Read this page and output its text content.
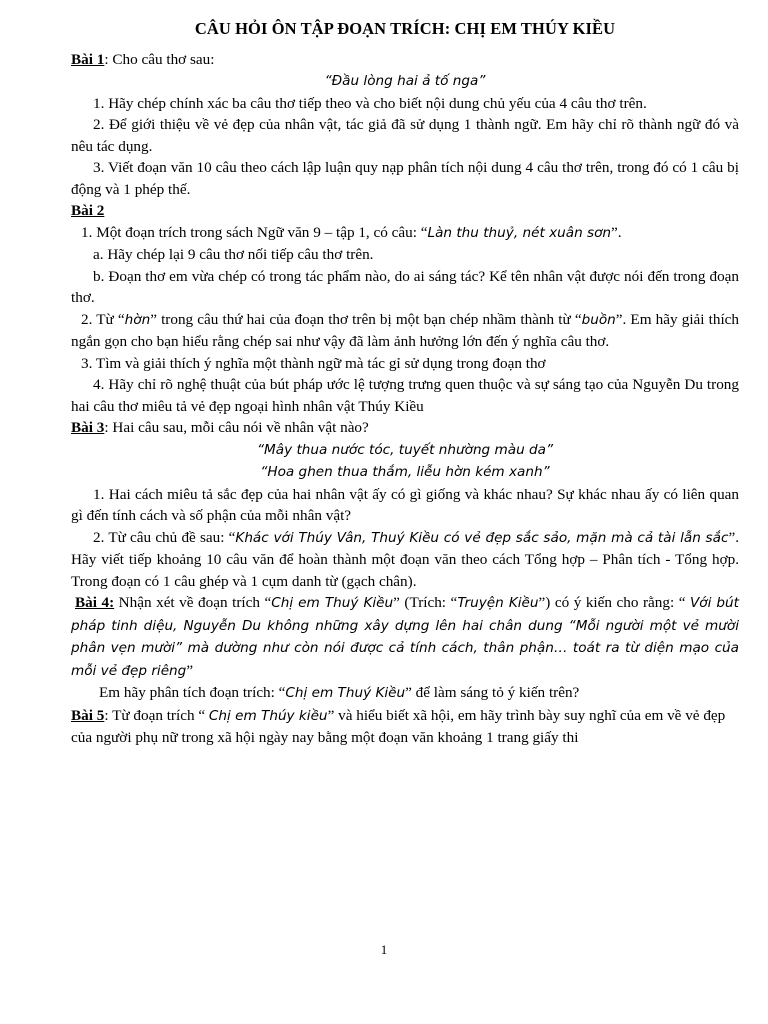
CÂU HỎI ÔN TẬP ĐOẠN TRÍCH: CHỊ EM THÚY KIỀU

Bài 1: Cho câu thơ sau:

“Đầu lòng hai ả tố nga”

1. Hãy chép chính xác ba câu thơ tiếp theo và cho biết nội dung chủ yếu của 4 câu thơ trên.

2. Để giới thiệu về vẻ đẹp của nhân vật, tác giả đã sử dụng 1 thành ngữ. Em hãy chỉ rõ thành ngữ đó và nêu tác dụng.

3. Viết đoạn văn 10 câu theo cách lập luận quy nạp phân tích nội dung 4 câu thơ trên, trong đó có 1 câu bị động và 1 phép thế.

Bài 2

1. Một đoạn trích trong sách Ngữ văn 9 – tập 1, có câu: “Làn thu thuỷ, nét xuân sơn”.

a. Hãy chép lại 9 câu thơ nối tiếp câu thơ trên.

b. Đoạn thơ em vừa chép có trong tác phẩm nào, do ai sáng tác? Kể tên nhân vật được nói đến trong đoạn thơ.

2. Từ “hờn” trong câu thứ hai của đoạn thơ trên bị một bạn chép nhầm thành từ “buồn”. Em hãy giải thích ngắn gọn cho bạn hiểu rằng chép sai như vậy đã làm ảnh hưởng lớn đến ý nghĩa câu thơ.

3. Tìm và giải thích ý nghĩa một thành ngữ mà tác gỉ sử dụng trong đoạn thơ

4. Hãy chỉ rõ nghệ thuật của bút pháp ước lệ tượng trưng quen thuộc và sự sáng tạo của Nguyễn Du trong hai câu thơ miêu tả vẻ đẹp ngoại hình nhân vật Thúy Kiều

Bài 3: Hai câu sau, mỗi câu nói về nhân vật nào?

“Mây thua nước tóc, tuyết nhường màu da”

“Hoa ghen thua thắm, liễu hờn kém xanh”

1. Hai cách miêu tả sắc đẹp của hai nhân vật ấy có gì giống và khác nhau? Sự khác nhau ấy có liên quan gì đến tính cách và số phận của mỗi nhân vật?

2. Từ câu chủ đề sau: “Khác với Thúy Vân, Thuý Kiều có vẻ đẹp sắc sảo, mặn mà cả tài lẫn sắc”. Hãy viết tiếp khoảng 10 câu văn để hoàn thành một đoạn văn theo cách Tổng hợp – Phân tích - Tổng hợp. Trong đoạn có 1 câu ghép và 1 cụm danh từ (gạch chân).

Bài 4: Nhận xét về đoạn trích “Chị em Thuý Kiều” (Trích: “Truyện Kiều”) có ý kiến cho rằng: “ Với bút pháp tinh diệu, Nguyễn Du không những xây dựng lên hai chân dung “Mỗi người một vẻ mười phân vẹn mười” mà dường như còn nói được cả tính cách, thân phận… toát ra từ diện mạo của mỗi vẻ đẹp riêng”

Em hãy phân tích đoạn trích: “Chị em Thuý Kiều” để làm sáng tỏ ý kiến trên?

Bài 5: Từ đoạn trích “ Chị em Thúy kiều” và hiểu biết xã hội, em hãy trình bày suy nghĩ của em về vẻ đẹp của người phụ nữ trong xã hội ngày nay bằng một đoạn văn khoảng 1 trang giấy thi

1
